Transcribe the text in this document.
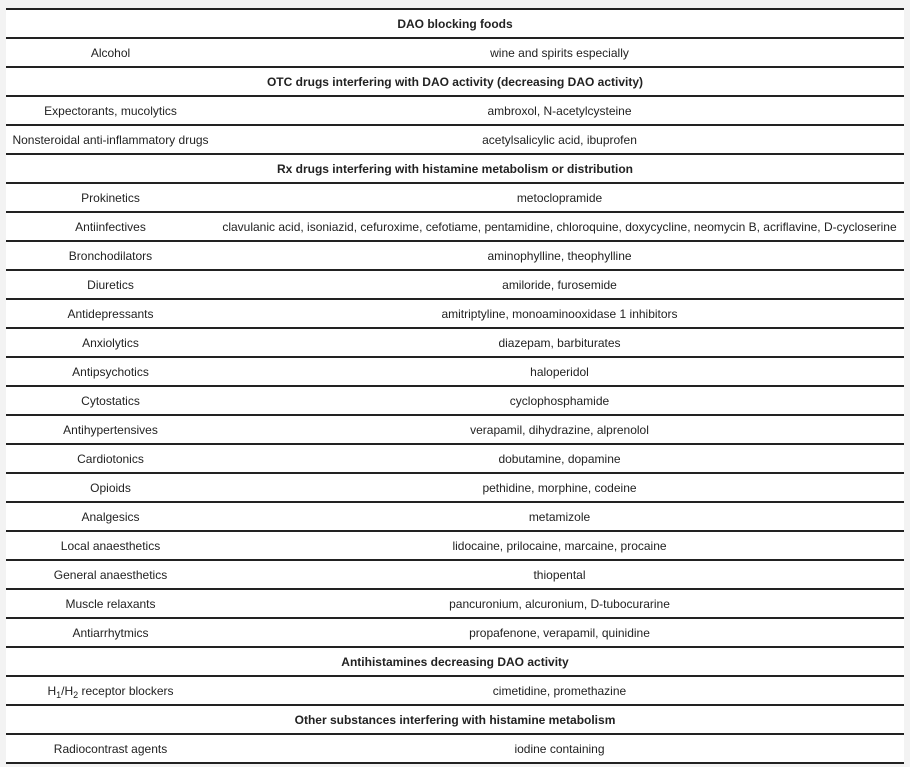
DAO blocking foods	
Alcohol	wine and spirits especially
OTC drugs interfering with DAO activity (decreasing DAO activity)	
Expectorants, mucolytics	ambroxol, N-acetylcysteine
Nonsteroidal anti-inflammatory drugs	acetylsalicylic acid, ibuprofen
Rx drugs interfering with histamine metabolism or distribution	
Prokinetics	metoclopramide
Antiinfectives	clavulanic acid, isoniazid, cefuroxime, cefotiame, pentamidine, chloroquine, doxycycline, neomycin B, acriflavine, D-cycloserine
Bronchodilators	aminophylline, theophylline
Diuretics	amiloride, furosemide
Antidepressants	amitriptyline, monoaminooxidase 1 inhibitors
Anxiolytics	diazepam, barbiturates
Antipsychotics	haloperidol
Cytostatics	cyclophosphamide
Antihypertensives	verapamil, dihydrazine, alprenolol
Cardiotonics	dobutamine, dopamine
Opioids	pethidine, morphine, codeine
Analgesics	metamizole
Local anaesthetics	lidocaine, prilocaine, marcaine, procaine
General anaesthetics	thiopental
Muscle relaxants	pancuronium, alcuronium, D-tubocurarine
Antiarrhytmics	propafenone, verapamil, quinidine
Antihistamines decreasing DAO activity	
$H_1/H_2$ receptor blockers	cimetidine, promethazine
Other substances interfering with histamine metabolism	
Radiocontrast agents	iodine containing
